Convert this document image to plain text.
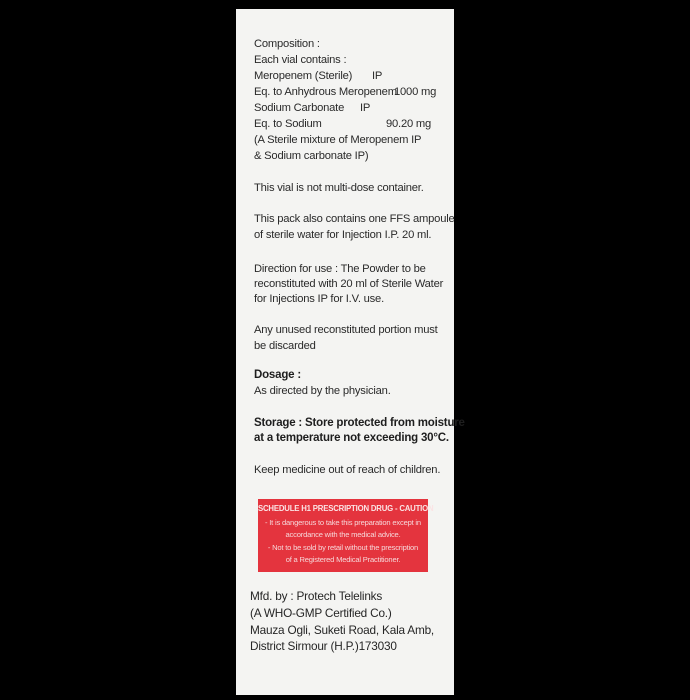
Composition :
Each vial contains :
Meropenem (Sterile) IP
Eq. to Anhydrous Meropenem
1000 mg
Sodium Carbonate IP
Eq. to Sodium	90.20 mg
(A Sterile mixture of Meropenem IP
& Sodium carbonate IP)
This vial is not multi-dose container.
This pack also contains one FFS ampoule
of sterile water for Injection I.P. 20 ml.
Direction for use : The Powder to be
reconstituted with 20 ml of Sterile Water
for Injections IP for I.V. use.
Any unused reconstituted portion must
be discarded
Dosage :
As directed by the physician.
Storage : Store protected from moisture
at a temperature not exceeding 30°C.
Keep medicine out of reach of children.
SCHEDULE H1 PRESCRIPTION DRUG - CAUTION
- It is dangerous to take this preparation except in
accordance with the medical advice.
- Not to be sold by retail without the prescription
of a Registered Medical Practitioner.
Mfd. by : Protech Telelinks
(A WHO-GMP Certified Co.)
Mauza Ogli, Suketi Road, Kala Amb,
District Sirmour (H.P.)173030
